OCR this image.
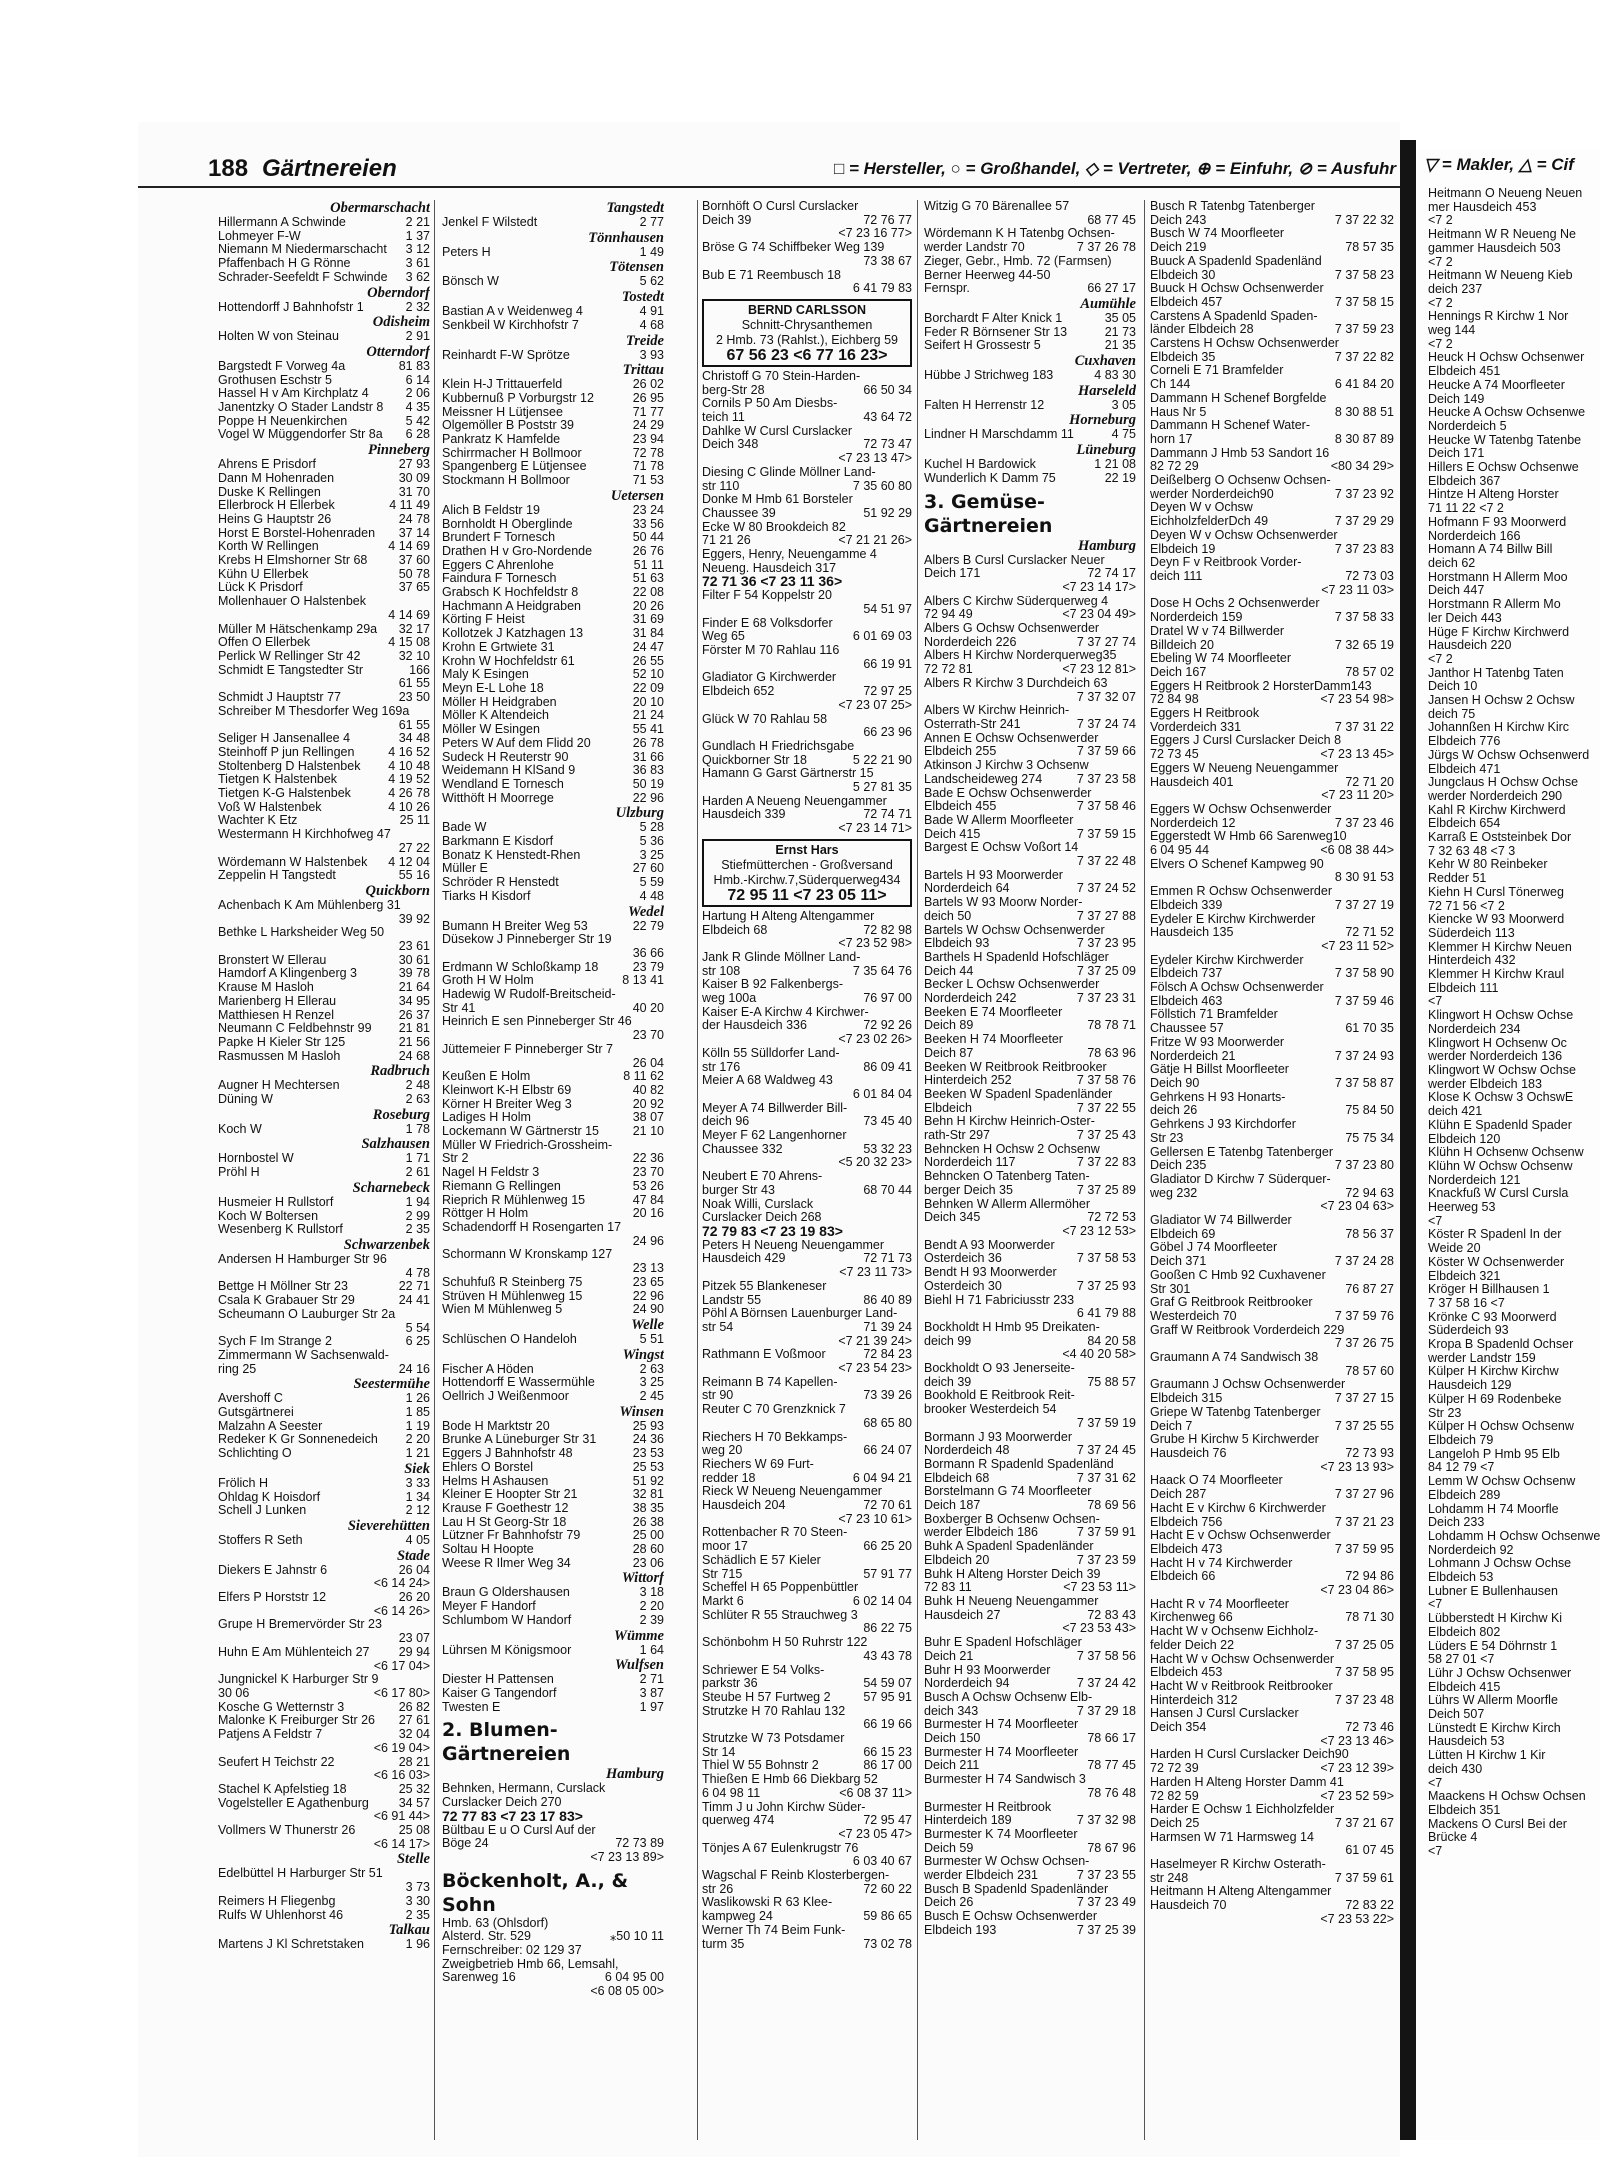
188 Gärtnereien	□ = Hersteller, ○ = Großhandel, ◇ = Vertreter, ⊕ = Einfuhr, ⊘ = Ausfuhr
Obermarschacht
Hillermann A Schwinde	2 21
Lohmeyer F-W	1 37
Niemann M Niedermarschacht	3 12
Pfaffenbach H G Rönne	3 61
Schrader-Seefeldt F Schwinde	3 62
Oberndorf
Hottendorff J Bahnhofstr 1	2 32
Odisheim
Holten W von Steinau	2 91
Otterndorf
Bargstedt F Vorweg 4a	81 83
Grothusen Eschstr 5	6 14
Hassel H v Am Kirchplatz 4	2 06
Janentzky O Stader Landstr 8	4 35
Poppe H Neuenkirchen	5 42
Vogel W Müggendorfer Str 8a	6 28
Pinneberg
Ahrens E Prisdorf	27 93
Dann M Hohenraden	30 09
Duske K Rellingen	31 70
Ellerbrock H Ellerbek	4 11 49
Heins G Hauptstr 26	24 78
Horst E Borstel-Hohenraden	37 14
Korth W Rellingen	4 14 69
Krebs H Elmshorner Str 68	37 60
Kühn U Ellerbek	50 78
Lück K Prisdorf	37 65
Mollenhauer O Halstenbek
4 14 69
Müller M Hätschenkamp 29a	32 17
Offen O Ellerbek	4 15 08
Perlick W Rellinger Str 42	32 10
Schmidt E Tangstedter Str	166
61 55
Schmidt J Hauptstr 77	23 50
Schreiber M Thesdorfer Weg 169a
61 55
Seliger H Jansenallee 4	34 48
Steinhoff P jun Rellingen	4 16 52
Stoltenberg D Halstenbek	4 10 48
Tietgen K Halstenbek	4 19 52
Tietgen K-G Halstenbek	4 26 78
Voß W Halstenbek	4 10 26
Wachter K Etz	25 11
Westermann H Kirchhofweg 47
27 22
Wördemann W Halstenbek	4 12 04
Zeppelin H Tangstedt	55 16
Quickborn
Achenbach K Am Mühlenberg 31
39 92
Bethke L Harksheider Weg 50
23 61
Bronstert W Ellerau	30 61
Hamdorf A Klingenberg 3	39 78
Krause M Hasloh	21 64
Marienberg H Ellerau	34 95
Matthiesen H Renzel	26 37
Neumann C Feldbehnstr 99	21 81
Papke H Kieler Str 125	21 56
Rasmussen M Hasloh	24 68
Radbruch
Augner H Mechtersen	2 48
Düning W	2 63
Roseburg
Koch W	1 78
Salzhausen
Hornbostel W	1 71
Pröhl H	2 61
Scharnebeck
Husmeier H Rullstorf	1 94
Koch W Boltersen	2 99
Wesenberg K Rullstorf	2 35
Schwarzenbek
Andersen H Hamburger Str 96
4 78
Bettge H Möllner Str 23	22 71
Csala K Grabauer Str 29	24 41
Scheumann O Lauburger Str 2a
5 54
Sych F Im Strange 2	6 25
Zimmermann W Sachsenwald-
ring 25	24 16
Seestermühe
Avershoff C	1 26
Gutsgärtnerei	1 85
Malzahn A Seester	1 19
Redeker K Gr Sonnenedeich	2 20
Schlichting O	1 21
Siek
Frölich H	3 33
Ohldag K Hoisdorf	1 34
Schell J Lunken	2 12
Sieverehütten
Stoffers R Seth	4 05
Stade
Diekers E Jahnstr 6	26 04
<6 14 24>
Elfers P Horststr 12	26 20
<6 14 26>
Grupe H Bremervörder Str 23
23 07
Huhn E Am Mühlenteich 27	29 94
<6 17 04>
Jungnickel K Harburger Str 9
30 06	<6 17 80>
Kosche G Wetternstr 3	26 82
Malonke K Freiburger Str 26	27 61
Patjens A Feldstr 7	32 04
<6 19 04>
Seufert H Teichstr 22	28 21
<6 16 03>
Stachel K Apfelstieg 18	25 32
Vogelsteller E Agathenburg	34 57
<6 91 44>
Vollmers W Thunerstr 26	25 08
<6 14 17>
Stelle
Edelbüttel H Harburger Str 51
3 73
Reimers H Fliegenbg	3 30
Rulfs W Uhlenhorst 46	2 35
Talkau
Martens J Kl Schretstaken	1 96
Tangstedt
Jenkel F Wilstedt	2 77
Tönnhausen
Peters H	1 49
Tötensen
Bönsch W	5 62
Tostedt
Bastian A v Weidenweg 4	4 91
Senkbeil W Kirchhofstr 7	4 68
Treide
Reinhardt F-W Sprötze	3 93
Trittau
Klein H-J Trittauerfeld	26 02
Kubbernuß P Vorburgstr 12	26 95
Meissner H Lütjensee	71 77
Olgemöller B Poststr 39	24 29
Pankratz K Hamfelde	23 94
Schirrmacher H Bollmoor	72 78
Spangenberg E Lütjensee	71 78
Stockmann H Bollmoor	71 53
Uetersen
Alich B Feldstr 19	23 24
Bornholdt H Oberglinde	33 56
Brundert F Tornesch	50 44
Drathen H v Gro-Nordende	26 76
Eggers C Ahrenlohe	51 11
Faindura F Tornesch	51 63
Grabsch K Hochfeldstr 8	22 08
Hachmann A Heidgraben	20 26
Körting F Heist	31 69
Kollotzek J Katzhagen 13	31 84
Krohn E Grtwiete 31	24 47
Krohn W Hochfeldstr 61	26 55
Maly K Esingen	52 10
Meyn E-L Lohe 18	22 09
Möller H Heidgraben	20 10
Möller K Altendeich	21 24
Möller W Esingen	55 41
Peters W Auf dem Flidd 20	26 78
Sudeck H Reuterstr 90	31 66
Weidemann H KlSand 9	36 83
Wendland E Tornesch	50 19
Witthöft H Moorrege	22 96
Ulzburg
Bade W	5 28
Barkmann E Kisdorf	5 36
Bonatz K Henstedt-Rhen	3 25
Müller E	27 60
Schröder R Henstedt	5 59
Tiarks H Kisdorf	4 48
Wedel
Bumann H Breiter Weg 53	22 79
Düsekow J Pinneberger Str 19
36 66
Erdmann W Schloßkamp 18	23 79
Groth H W Holm	8 13 41
Hadewig W Rudolf-Breitscheid-
Str 41	40 20
Heinrich E sen Pinneberger Str 46
23 70
Jüttemeier F Pinneberger Str 7
26 04
Keußen E Holm	8 11 62
Kleinwort K-H Elbstr 69	40 82
Körner H Breiter Weg 3	20 92
Ladiges H Holm	38 07
Lockemann W Gärtnerstr 15	21 10
Müller W Friedrich-Grossheim-
Str 2	22 36
Nagel H Feldstr 3	23 70
Riemann G Rellingen	53 26
Rieprich R Mühlenweg 15	47 84
Röttger H Holm	20 16
Schadendorff H Rosengarten 17
24 96
Schormann W Kronskamp 127
23 13
Schuhfuß R Steinberg 75	23 65
Strüven H Mühlenweg 15	22 96
Wien M Mühlenweg 5	24 90
Welle
Schlüschen O Handeloh	5 51
Wingst
Fischer A Höden	2 63
Hottendorff E Wassermühle	3 25
Oellrich J Weißenmoor	2 45
Winsen
Bode H Marktstr 20	25 93
Brunke A Lüneburger Str 31	24 36
Eggers J Bahnhofstr 48	23 53
Ehlers O Borstel	25 53
Helms H Ashausen	51 92
Kleiner E Hoopter Str 21	32 81
Krause F Goethestr 12	38 35
Lau H St Georg-Str 18	26 38
Lützner Fr Bahnhofstr 79	25 00
Soltau H Hoopte	28 60
Weese R Ilmer Weg 34	23 06
Wittorf
Braun G Oldershausen	3 18
Meyer F Handorf	2 20
Schlumbom W Handorf	2 39
Wümme
Lührsen M Königsmoor	1 64
Wulfsen
Diester H Pattensen	2 71
Kaiser G Tangendorf	3 87
Twesten E	1 97
2. Blumen-Gärtnereien
Hamburg
Behnken, Hermann, Curslack
Curslacker Deich 270
72 77 83 <7 23 17 83>
Bültbau E u O Cursl Auf der
Böge 24	72 73 89
<7 23 13 89>
Böckenholt, A., & Sohn
Hmb. 63 (Ohlsdorf)
Alsterd. Str. 529	⁎50 10 11
Fernschreiber: 02 129 37
Zweigbetrieb Hmb 66, Lemsahl,
Sarenweg 16	6 04 95 00
<6 08 05 00>
Bornhöft O Cursl Curslacker
Deich 39	72 76 77
<7 23 16 77>
Bröse G 74 Schiffbeker Weg 139
73 38 67
Bub E 71 Reembusch 18
6 41 79 83
BERND CARLSSON
Schnitt-Chrysanthemen
2 Hmb. 73 (Rahlst.), Eichberg 59
67 56 23 <6 77 16 23>
Christoff G 70 Stein-Harden-
berg-Str 28	66 50 34
Cornils P 50 Am Diesbs-
teich 11	43 64 72
Dahlke W Cursl Curslacker
Deich 348	72 73 47
<7 23 13 47>
Diesing C Glinde Möllner Land-
str 110	7 35 60 80
Donke M Hmb 61 Borsteler
Chaussee 39	51 92 29
Ecke W 80 Brookdeich 82
71 21 26	<7 21 21 26>
Eggers, Henry, Neuengamme 4
Neueng. Hausdeich 317
72 71 36 <7 23 11 36>
Filter F 54 Koppelstr 20
54 51 97
Finder E 68 Volksdorfer
Weg 65	6 01 69 03
Förster M 70 Rahlau 116
66 19 91
Gladiator G Kirchwerder
Elbdeich 652	72 97 25
<7 23 07 25>
Glück W 70 Rahlau 58
66 23 96
Gundlach H Friedrichsgabe
Quickborner Str 18	5 22 21 90
Hamann G Garst Gärtnerstr 15
5 27 81 35
Harden A Neueng Neuengammer
Hausdeich 339	72 74 71
<7 23 14 71>
Ernst Hars
Stiefmütterchen - Großversand
Hmb.-Kirchw.7,Süderquerweg434
72 95 11 <7 23 05 11>
Hartung H Alteng Altengammer
Elbdeich 68	72 82 98
<7 23 52 98>
Jank R Glinde Möllner Land-
str 108	7 35 64 76
Kaiser B 92 Falkenbergs-
weg 100a	76 97 00
Kaiser E-A Kirchw 4 Kirchwer-
der Hausdeich 336	72 92 26
<7 23 02 26>
Kölln 55 Sülldorfer Land-
str 176	86 09 41
Meier A 68 Waldweg 43
6 01 84 04
Meyer A 74 Billwerder Bill-
deich 96	73 45 40
Meyer F 62 Langenhorner
Chaussee 332	53 32 23
<5 20 32 23>
Neubert E 70 Ahrens-
burger Str 43	68 70 44
Noak Willi, Curslack
Curslacker Deich 268
72 79 83 <7 23 19 83>
Peters H Neueng Neuengammer
Hausdeich 429	72 71 73
<7 23 11 73>
Pitzek 55 Blankeneser
Landstr 55	86 40 89
Pöhl A Börnsen Lauenburger Land-
str 54	71 39 24
<7 21 39 24>
Rathmann E Voßmoor	72 84 23
<7 23 54 23>
Reimann B 74 Kapellen-
str 90	73 39 26
Reuter C 70 Grenzknick 7
68 65 80
Riechers H 70 Bekkamps-
weg 20	66 24 07
Riechers W 69 Furt-
redder 18	6 04 94 21
Rieck W Neueng Neuengammer
Hausdeich 204	72 70 61
<7 23 10 61>
Rottenbacher R 70 Steen-
moor 17	66 25 20
Schädlich E 57 Kieler
Str 715	57 91 77
Scheffel H 65 Poppenbüttler
Markt 6	6 02 14 04
Schlüter R 55 Strauchweg 3
86 22 75
Schönbohm H 50 Ruhrstr 122
43 43 78
Schriewer E 54 Volks-
parkstr 36	54 59 07
Steube H 57 Furtweg 2	57 95 91
Strutzke H 70 Rahlau 132
66 19 66
Strutzke W 73 Potsdamer
Str 14	66 15 23
Thiel W 55 Bohnstr 2	86 17 00
Thießen E Hmb 66 Diekbarg 52
6 04 98 11	<6 08 37 11>
Timm J u John Kirchw Süder-
querweg 474	72 95 47
<7 23 05 47>
Tönjes A 67 Eulenkrugstr 76
6 03 40 67
Wagschal F Reinb Klosterbergen-
str 26	72 60 22
Waslikowski R 63 Klee-
kampweg 24	59 86 65
Werner Th 74 Beim Funk-
turm 35	73 02 78
Witzig G 70 Bärenallee 57
68 77 45
Wördemann K H Tatenbg Ochsen-
werder Landstr 70	7 37 26 78
Zieger, Gebr., Hmb. 72 (Farmsen)
Berner Heerweg 44-50
Fernspr.	66 27 17
Aumühle
Borchardt F Alter Knick 1	35 05
Feder R Börnsener Str 13	21 73
Seifert H Grossestr 5	21 35
Cuxhaven
Hübbe J Strichweg 183	4 83 30
Harseleld
Falten H Herrenstr 12	3 05
Horneburg
Lindner H Marschdamm 11	4 75
Lüneburg
Kuchel H Bardowick	1 21 08
Wunderlich K Damm 75	22 19
3. Gemüse-Gärtnereien
Hamburg
Albers B Cursl Curslacker Neuer
Deich 171	72 74 17
<7 23 14 17>
Albers C Kirchw Süderquerweg 4
72 94 49	<7 23 04 49>
Albers G Ochsw Ochsenwerder
Norderdeich 226	7 37 27 74
Albers H Kirchw Norderquerweg35
72 72 81	<7 23 12 81>
Albers R Kirchw 3 Durchdeich 63
7 37 32 07
Albers W Kirchw Heinrich-
Osterrath-Str 241	7 37 24 74
Annen E Ochsw Ochsenwerder
Elbdeich 255	7 37 59 66
Atkinson J Kirchw 3 Ochsenw
Landscheideweg 274	7 37 23 58
Bade E Ochsw Ochsenwerder
Elbdeich 455	7 37 58 46
Bade W Allerm Moorfleeter
Deich 415	7 37 59 15
Bargest E Ochsw Voßort 14
7 37 22 48
Bartels H 93 Moorwerder
Norderdeich 64	7 37 24 52
Bartels W 93 Moorw Norder-
deich 50	7 37 27 88
Bartels W Ochsw Ochsenwerder
Elbdeich 93	7 37 23 95
Barthels H Spadenld Hofschläger
Deich 44	7 37 25 09
Becker L Ochsw Ochsenwerder
Norderdeich 242	7 37 23 31
Beeken E 74 Moorfleeter
Deich 89	78 78 71
Beeken H 74 Moorfleeter
Deich 87	78 63 96
Beeken W Reitbrook Reitbrooker
Hinterdeich 252	7 37 58 76
Beeken W Spadenl Spadenländer
Elbdeich	7 37 22 55
Behn H Kirchw Heinrich-Oster-
rath-Str 297	7 37 25 43
Behncken H Ochsw 2 Ochsenw
Norderdeich 117	7 37 22 83
Behncken O Tatenberg Taten-
berger Deich 35	7 37 25 89
Behnken W Allerm Allermöher
Deich 345	72 72 53
<7 23 12 53>
Bendt A 93 Moorwerder
Osterdeich 36	7 37 58 53
Bendt H 93 Moorwerder
Osterdeich 30	7 37 25 93
Biehl H 71 Fabriciusstr 233
6 41 79 88
Bockholdt H Hmb 95 Dreikaten-
deich 99	84 20 58
<4 40 20 58>
Bockholdt O 93 Jenerseite-
deich 39	75 88 57
Bookhold E Reitbrook Reit-
brooker Westerdeich 54
7 37 59 19
Bormann J 93 Moorwerder
Norderdeich 48	7 37 24 45
Bormann R Spadenld Spadenländ
Elbdeich 68	7 37 31 62
Borstelmann G 74 Moorfleeter
Deich 187	78 69 56
Boxberger B Ochsenw Ochsen-
werder Elbdeich 186	7 37 59 91
Buhk A Spadenl Spadenländer
Elbdeich 20	7 37 23 59
Buhk H Alteng Horster Deich 39
72 83 11	<7 23 53 11>
Buhk H Neueng Neuengammer
Hausdeich 27	72 83 43
<7 23 53 43>
Buhr E Spadenl Hofschläger
Deich 21	7 37 58 56
Buhr H 93 Moorwerder
Norderdeich 94	7 37 24 42
Busch A Ochsw Ochsenw Elb-
deich 343	7 37 29 18
Burmester H 74 Moorfleeter
Deich 150	78 66 17
Burmester H 74 Moorfleeter
Deich 211	78 77 45
Burmester H 74 Sandwisch 3
78 76 48
Burmester H Reitbrook
Hinterdeich 189	7 37 32 98
Burmester K 74 Moorfleeter
Deich 59	78 67 96
Burmester W Ochsw Ochsen-
werder Elbdeich 231	7 37 23 55
Busch B Spadenld Spadenländer
Deich 26	7 37 23 49
Busch E Ochsw Ochsenwerder
Elbdeich 193	7 37 25 39
Busch R Tatenbg Tatenberger
Deich 243	7 37 22 32
Busch W 74 Moorfleeter
Deich 219	78 57 35
Buuck A Spadenld Spadenländ
Elbdeich 30	7 37 58 23
Buuck H Ochsw Ochsenwerder
Elbdeich 457	7 37 58 15
Carstens A Spadenld Spaden-
länder Elbdeich 28	7 37 59 23
Carstens H Ochsw Ochsenwerder
Elbdeich 35	7 37 22 82
Corneli E 71 Bramfelder
Ch 144	6 41 84 20
Dammann H Schenef Borgfelde
Haus Nr 5	8 30 88 51
Dammann H Schenef Water-
horn 17	8 30 87 89
Dammann J Hmb 53 Sandort 16
82 72 29	<80 34 29>
Deißelberg O Ochsenw Ochsen-
werder Norderdeich90	7 37 23 92
Deyen W v Ochsw
EichholzfelderDch 49	7 37 29 29
Deyen W v Ochsw Ochsenwerder
Elbdeich 19	7 37 23 83
Deyn F v Reitbrook Vorder-
deich 111	72 73 03
<7 23 11 03>
Dose H Ochs 2 Ochsenwerder
Norderdeich 159	7 37 58 33
Dratel W v 74 Billwerder
Billdeich 20	7 32 65 19
Ebeling W 74 Moorfleeter
Deich 167	78 57 02
Eggers H Reitbrook 2 HorsterDamm143
72 84 98	<7 23 54 98>
Eggers H Reitbrook
Vorderdeich 331	7 37 31 22
Eggers J Cursl Curslacker Deich 8
72 73 45	<7 23 13 45>
Eggers W Neueng Neuengammer
Hausdeich 401	72 71 20
<7 23 11 20>
Eggers W Ochsw Ochsenwerder
Norderdeich 12	7 37 23 46
Eggerstedt W Hmb 66 Sarenweg10
6 04 95 44	<6 08 38 44>
Elvers O Schenef Kampweg 90
8 30 91 53
Emmen R Ochsw Ochsenwerder
Elbdeich 339	7 37 27 19
Eydeler E Kirchw Kirchwerder
Hausdeich 135	72 71 52
<7 23 11 52>
Eydeler Kirchw Kirchwerder
Elbdeich 737	7 37 58 90
Fölsch A Ochsw Ochsenwerder
Elbdeich 463	7 37 59 46
Föllstich 71 Bramfelder
Chaussee 57	61 70 35
Fritze W 93 Moorwerder
Norderdeich 21	7 37 24 93
Gätje H Billst Moorfleeter
Deich 90	7 37 58 87
Gehrkens H 93 Honarts-
deich 26	75 84 50
Gehrkens J 93 Kirchdorfer
Str 23	75 75 34
Gellersen E Tatenbg Tatenberger
Deich 235	7 37 23 80
Gladiator D Kirchw 7 Süderquer-
weg 232	72 94 63
<7 23 04 63>
Gladiator W 74 Billwerder
Elbdeich 69	78 56 37
Göbel J 74 Moorfleeter
Deich 371	7 37 24 28
Gooßen C Hmb 92 Cuxhavener
Str 301	76 87 27
Graf G Reitbrook Reitbrooker
Westerdeich 70	7 37 59 76
Graff W Reitbrook Vorderdeich 229
7 37 26 75
Graumann A 74 Sandwisch 38
78 57 60
Graumann J Ochsw Ochsenwerder
Elbdeich 315	7 37 27 15
Griepe W Tatenbg Tatenberger
Deich 7	7 37 25 55
Grube H Kirchw 5 Kirchwerder
Hausdeich 76	72 73 93
<7 23 13 93>
Haack O 74 Moorfleeter
Deich 287	7 37 27 96
Hacht E v Kirchw 6 Kirchwerder
Elbdeich 756	7 37 21 23
Hacht E v Ochsw Ochsenwerder
Elbdeich 473	7 37 59 95
Hacht H v 74 Kirchwerder
Elbdeich 66	72 94 86
<7 23 04 86>
Hacht R v 74 Moorfleeter
Kirchenweg 66	78 71 30
Hacht W v Ochsenw Eichholz-
felder Deich 22	7 37 25 05
Hacht W v Ochsw Ochsenwerder
Elbdeich 453	7 37 58 95
Hacht W v Reitbrook Reitbrooker
Hinterdeich 312	7 37 23 48
Hansen J Cursl Curslacker
Deich 354	72 73 46
<7 23 13 46>
Harden H Cursl Curslacker Deich90
72 72 39	<7 23 12 39>
Harden H Alteng Horster Damm 41
72 82 59	<7 23 52 59>
Harder E Ochsw 1 Eichholzfelder
Deich 25	7 37 21 67
Harmsen W 71 Harmsweg 14
61 07 45
Haselmeyer R Kirchw Osterath-
str 248	7 37 59 61
Heitmann H Alteng Altengammer
Hausdeich 70	72 83 22
<7 23 53 22>
▽ = Makler, △ = Cif
Heitmann O Neueng Neuen
mer Hausdeich 453
<7 2
Heitmann W R Neueng Ne
gammer Hausdeich 503
<7 2
Heitmann W Neueng Kieb
deich 237
<7 2
Hennings R Kirchw 1 Nor
weg 144
<7 2
Heuck H Ochsw Ochsenwer
Elbdeich 451
Heucke A 74 Moorfleeter
Deich 149
Heucke A Ochsw Ochsenwe
Norderdeich 5
Heucke W Tatenbg Tatenbe
Deich 171
Hillers E Ochsw Ochsenwe
Elbdeich 367
Hintze H Alteng Horster
71 11 22 <7 2
Hofmann F 93 Moorwerd
Norderdeich 166
Homann A 74 Billw Bill
deich 62
Horstmann H Allerm Moo
Deich 447
Horstmann R Allerm Mo
ler Deich 443
Hüge F Kirchw Kirchwerd
Hausdeich 220
<7 2
Janthor H Tatenbg Taten
Deich 10
Jansen H Ochsw 2 Ochsw
deich 75
Johannßen H Kirchw Kirc
Elbdeich 776
Jürgs W Ochsw Ochsenwerd
Elbdeich 471
Jungclaus H Ochsw Ochse
werder Norderdeich 290
Kahl R Kirchw Kirchwerd
Elbdeich 654
Karraß E Oststeinbek Dor
7 32 63 48 <7 3
Kehr W 80 Reinbeker
Redder 51
Kiehn H Cursl Tönerweg
72 71 56 <7 2
Kiencke W 93 Moorwerd
Süderdeich 113
Klemmer H Kirchw Neuen
Hinterdeich 432
Klemmer H Kirchw Kraul
Elbdeich 111
<7
Klingwort H Ochsw Ochse
Norderdeich 234
Klingwort H Ochsenw Oc
werder Norderdeich 136
Klingwort W Ochsw Ochse
werder Elbdeich 183
Klose K Ochsw 3 OchswE
deich 421
Klühn E Spadenld Spader
Elbdeich 120
Klühn H Ochsenw Ochsenw
Klühn W Ochsw Ochsenw
Norderdeich 121
Knackfuß W Cursl Cursla
Heerweg 53
<7
Köster R Spadenl In der
Weide 20
Köster W Ochsenwerder
Elbdeich 321
Kröger H Billhausen 1
7 37 58 16 <7
Krönke C 93 Moorwerd
Süderdeich 93
Kropa B Spadenld Ochser
werder Landstr 159
Külper H Kirchw Kirchw
Hausdeich 129
Külper H 69 Rodenbeke
Str 23
Külper H Ochsw Ochsenw
Elbdeich 79
Langeloh P Hmb 95 Elb
84 12 79 <7
Lemm W Ochsw Ochsenw
Elbdeich 289
Lohdamm H 74 Moorfle
Deich 233
Lohdamm H Ochsw Ochsenwe
Norderdeich 92
Lohmann J Ochsw Ochse
Elbdeich 53
Lubner E Bullenhausen
<7
Lübberstedt H Kirchw Ki
Elbdeich 802
Lüders E 54 Döhrnstr 1
58 27 01 <7
Lühr J Ochsw Ochsenwer
Elbdeich 415
Lührs W Allerm Moorfle
Deich 507
Lünstedt E Kirchw Kirch
Hausdeich 53
Lütten H Kirchw 1 Kir
deich 430
<7
Maackens H Ochsw Ochsen
Elbdeich 351
Mackens O Cursl Bei der
Brücke 4
<7
